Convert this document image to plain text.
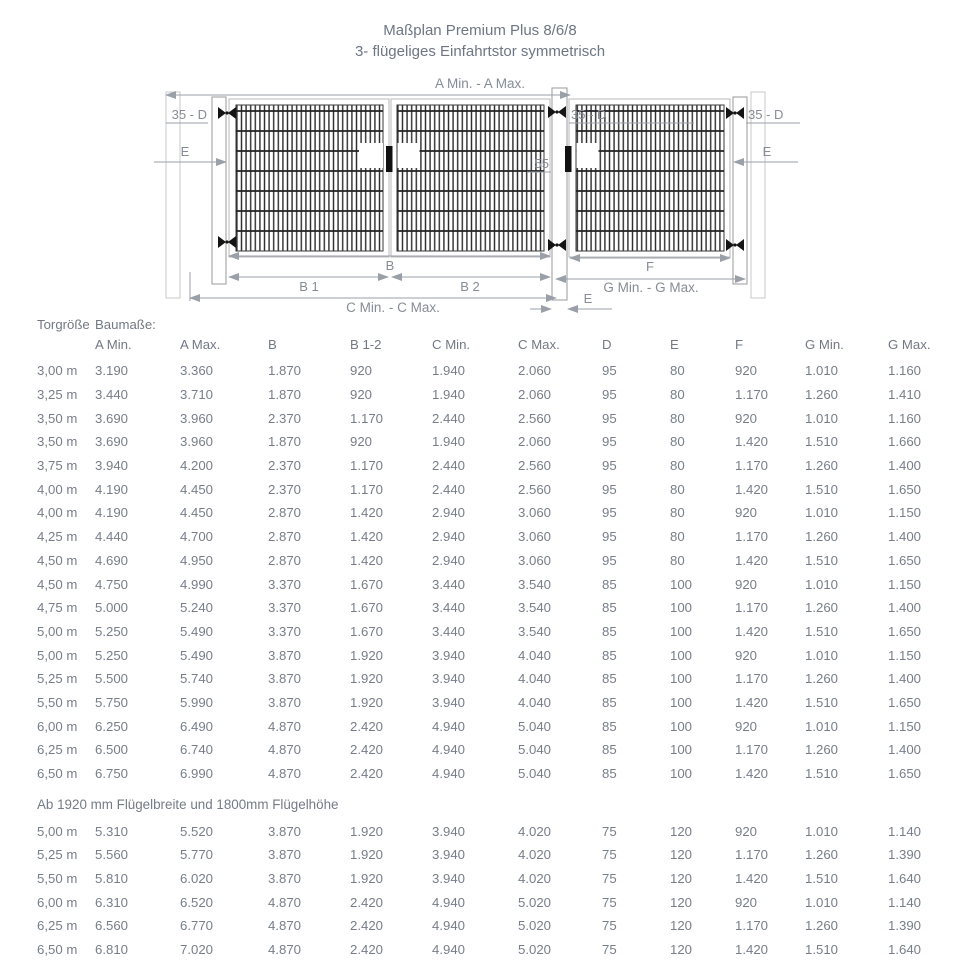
Maßplan Premium Plus 8/6/8
3- flügeliges Einfahrtstor symmetrisch
A Min. - A Max.
35 - D	35 - D	35 - D
E	E
55
B
B 1	B 2
C Min. - C Max.
F
G Min. - G Max.
E
Torgröße Baumaße:
A Min.	A Max.	B	B 1-2	C Min.	C Max.	D	E	F	G Min.	G Max.
3,00 m	3.190	3.360	1.870	920	1.940	2.060	95	80	920	1.010	1.160
3,25 m	3.440	3.710	1.870	920	1.940	2.060	95	80	1.170	1.260	1.410
3,50 m	3.690	3.960	2.370	1.170	2.440	2.560	95	80	920	1.010	1.160
3,50 m	3.690	3.960	1.870	920	1.940	2.060	95	80	1.420	1.510	1.660
3,75 m	3.940	4.200	2.370	1.170	2.440	2.560	95	80	1.170	1.260	1.400
4,00 m	4.190	4.450	2.370	1.170	2.440	2.560	95	80	1.420	1.510	1.650
4,00 m	4.190	4.450	2.870	1.420	2.940	3.060	95	80	920	1.010	1.150
4,25 m	4.440	4.700	2.870	1.420	2.940	3.060	95	80	1.170	1.260	1.400
4,50 m	4.690	4.950	2.870	1.420	2.940	3.060	95	80	1.420	1.510	1.650
4,50 m	4.750	4.990	3.370	1.670	3.440	3.540	85	100	920	1.010	1.150
4,75 m	5.000	5.240	3.370	1.670	3.440	3.540	85	100	1.170	1.260	1.400
5,00 m	5.250	5.490	3.370	1.670	3.440	3.540	85	100	1.420	1.510	1.650
5,00 m	5.250	5.490	3.870	1.920	3.940	4.040	85	100	920	1.010	1.150
5,25 m	5.500	5.740	3.870	1.920	3.940	4.040	85	100	1.170	1.260	1.400
5,50 m	5.750	5.990	3.870	1.920	3.940	4.040	85	100	1.420	1.510	1.650
6,00 m	6.250	6.490	4.870	2.420	4.940	5.040	85	100	920	1.010	1.150
6,25 m	6.500	6.740	4.870	2.420	4.940	5.040	85	100	1.170	1.260	1.400
6,50 m	6.750	6.990	4.870	2.420	4.940	5.040	85	100	1.420	1.510	1.650
Ab 1920 mm Flügelbreite und 1800mm Flügelhöhe
5,00 m	5.310	5.520	3.870	1.920	3.940	4.020	75	120	920	1.010	1.140
5,25 m	5.560	5.770	3.870	1.920	3.940	4.020	75	120	1.170	1.260	1.390
5,50 m	5.810	6.020	3.870	1.920	3.940	4.020	75	120	1.420	1.510	1.640
6,00 m	6.310	6.520	4.870	2.420	4.940	5.020	75	120	920	1.010	1.140
6,25 m	6.560	6.770	4.870	2.420	4.940	5.020	75	120	1.170	1.260	1.390
6,50 m	6.810	7.020	4.870	2.420	4.940	5.020	75	120	1.420	1.510	1.640
